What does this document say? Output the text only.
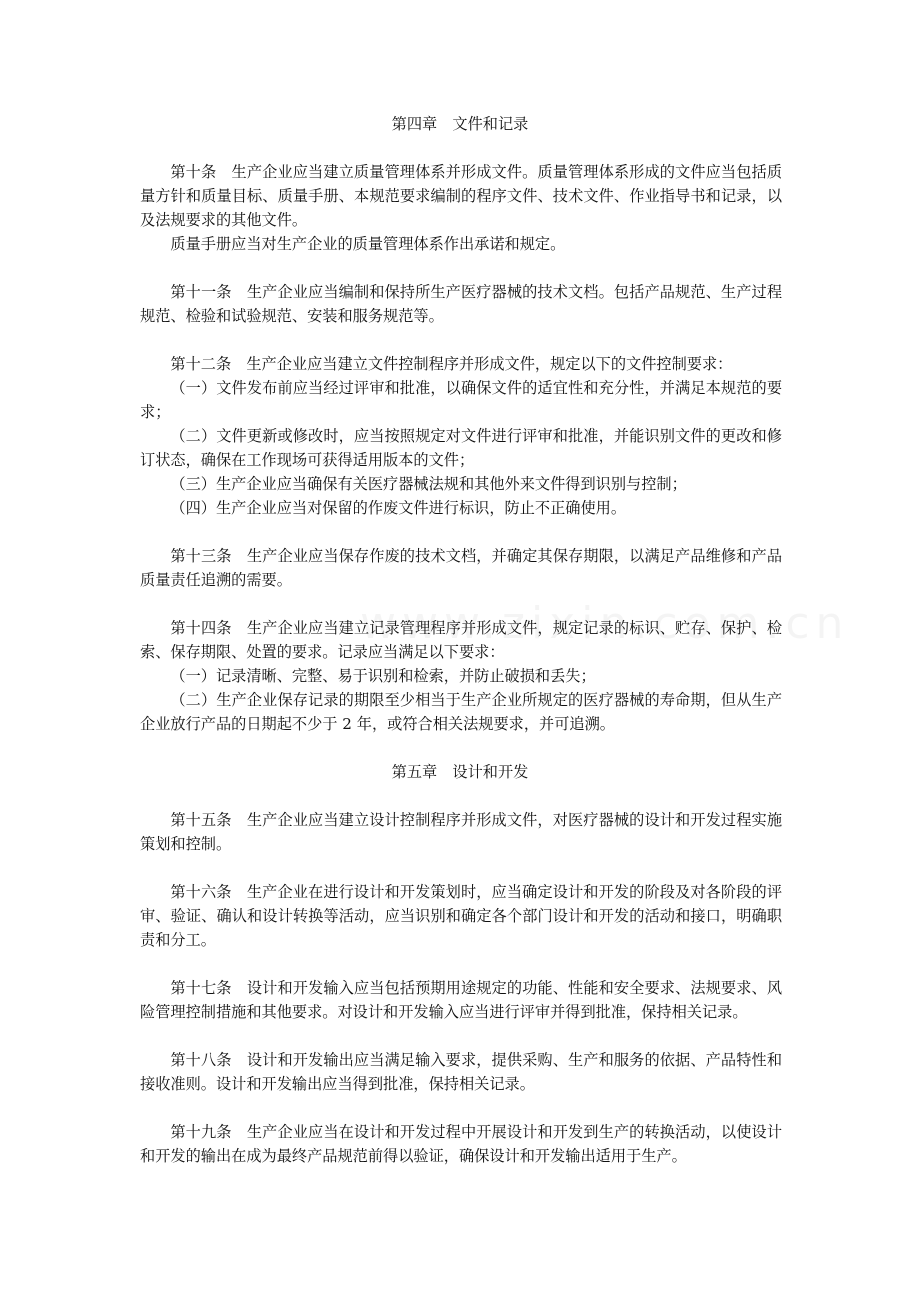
第四章　文件和记录

第十条　生产企业应当建立质量管理体系并形成文件。质量管理体系形成的文件应当包括质量方针和质量目标、质量手册、本规范要求编制的程序文件、技术文件、作业指导书和记录，以及法规要求的其他文件。

质量手册应当对生产企业的质量管理体系作出承诺和规定。

第十一条　生产企业应当编制和保持所生产医疗器械的技术文档。包括产品规范、生产过程规范、检验和试验规范、安装和服务规范等。

第十二条　生产企业应当建立文件控制程序并形成文件，规定以下的文件控制要求：

（一）文件发布前应当经过评审和批准，以确保文件的适宜性和充分性，并满足本规范的要求；

（二）文件更新或修改时，应当按照规定对文件进行评审和批准，并能识别文件的更改和修订状态，确保在工作现场可获得适用版本的文件；

（三）生产企业应当确保有关医疗器械法规和其他外来文件得到识别与控制；

（四）生产企业应当对保留的作废文件进行标识，防止不正确使用。

第十三条　生产企业应当保存作废的技术文档，并确定其保存期限，以满足产品维修和产品质量责任追溯的需要。

第十四条　生产企业应当建立记录管理程序并形成文件，规定记录的标识、贮存、保护、检索、保存期限、处置的要求。记录应当满足以下要求：

（一）记录清晰、完整、易于识别和检索，并防止破损和丢失；

（二）生产企业保存记录的期限至少相当于生产企业所规定的医疗器械的寿命期，但从生产企业放行产品的日期起不少于 2 年，或符合相关法规要求，并可追溯。

第五章　设计和开发

第十五条　生产企业应当建立设计控制程序并形成文件，对医疗器械的设计和开发过程实施策划和控制。

第十六条　生产企业在进行设计和开发策划时，应当确定设计和开发的阶段及对各阶段的评审、验证、确认和设计转换等活动，应当识别和确定各个部门设计和开发的活动和接口，明确职责和分工。

第十七条　设计和开发输入应当包括预期用途规定的功能、性能和安全要求、法规要求、风险管理控制措施和其他要求。对设计和开发输入应当进行评审并得到批准，保持相关记录。

第十八条　设计和开发输出应当满足输入要求，提供采购、生产和服务的依据、产品特性和接收准则。设计和开发输出应当得到批准，保持相关记录。

第十九条　生产企业应当在设计和开发过程中开展设计和开发到生产的转换活动，以使设计和开发的输出在成为最终产品规范前得以验证，确保设计和开发输出适用于生产。
